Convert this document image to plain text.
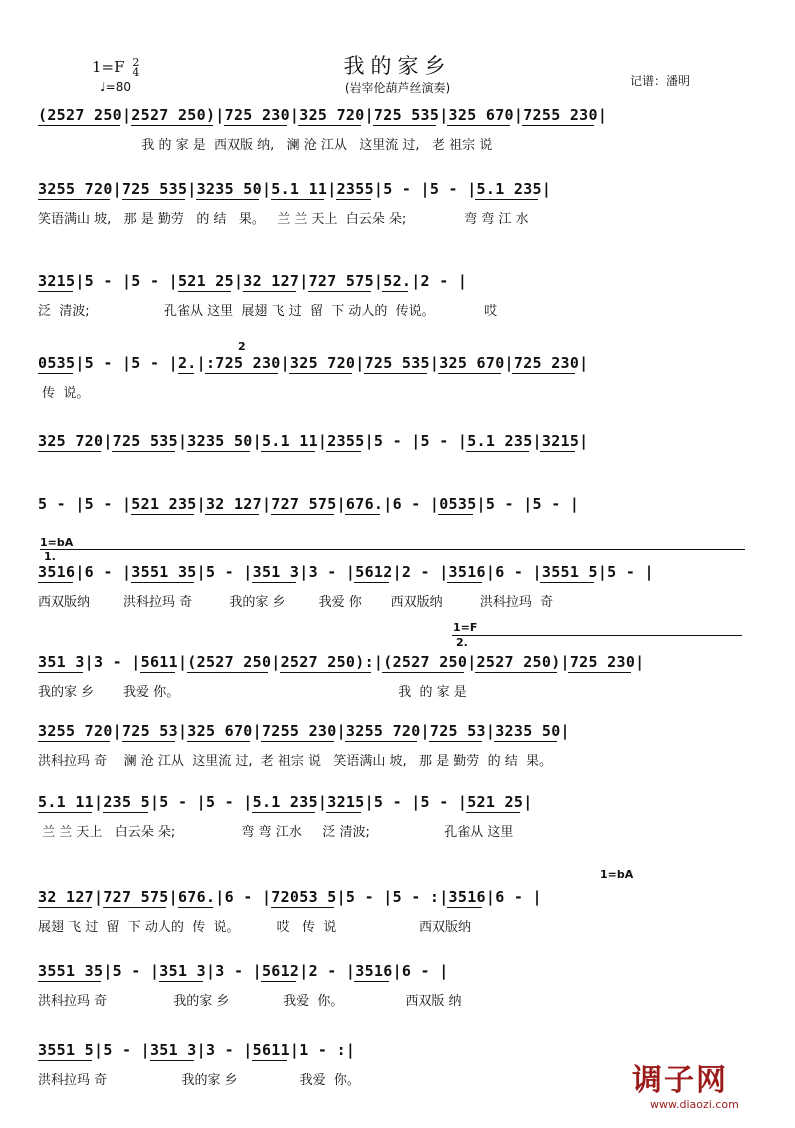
1=F 2
4
♩=80
我的家乡
(岩宰伦葫芦丝演奏)	记谱：潘明
(2527 250|2527 250)|725 230|325 720|725 535|325 670|7255 230|
我 的 家 是  西双版 纳,   澜 沧 江从   这里流 过,   老 祖宗 说
3255 720|725 535|3235 50|5.1 11|2355|5 - |5 - |5.1 235|
笑语满山 坡,   那 是 勤劳   的 结   果。   兰 兰 天上  白云朵 朵;              弯 弯 江 水
3215|5 - |5 - |521 25|32 127|727 575|52.|2 - |
泛  清波;                  孔雀从 这里  展翅 飞 过  留  下 动人的  传说。            哎
0535|5 - |5 - |2.|:725 230|325 720|725 535|325 670|725 230|
传  说。
325 720|725 535|3235 50|5.1 11|2355|5 - |5 - |5.1 235|3215|
5 - |5 - |521 235|32 127|727 575|676.|6 - |0535|5 - |5 - |
3516|6 - |3551 35|5 - |351 3|3 - |5612|2 - |3516|6 - |3551 5|5 - |
西双版纳        洪科拉玛 奇         我的家 乡        我爱 你       西双版纳         洪科拉玛  奇
351 3|3 - |5611|(2527 250|2527 250):|(2527 250|2527 250)|725 230|
我的家 乡       我爱 你。                                                     我  的 家 是
3255 720|725 53|325 670|7255 230|3255 720|725 53|3235 50|
洪科拉玛 奇    澜 沧 江从  这里流 过,  老 祖宗 说   笑语满山 坡,   那 是 勤劳  的 结  果。
5.1 11|235 5|5 - |5 - |5.1 235|3215|5 - |5 - |521 25|
兰 兰 天上   白云朵 朵;                弯 弯 江水     泛 清波;                  孔雀从 这里
32 127|727 575|676.|6 - |72053 5|5 - |5 - :|3516|6 - |
展翅 飞 过  留  下 动人的  传  说。         哎   传  说                    西双版纳
3551 35|5 - |351 3|3 - |5612|2 - |3516|6 - |
洪科拉玛 奇                我的家 乡             我爱  你。               西双版 纳
3551 5|5 - |351 3|3 - |5611|1 - :|
洪科拉玛 奇                  我的家 乡               我爱  你。	调子网
www.diaozi.com
1=bA
1=F
1=bA
1.
2.
2
